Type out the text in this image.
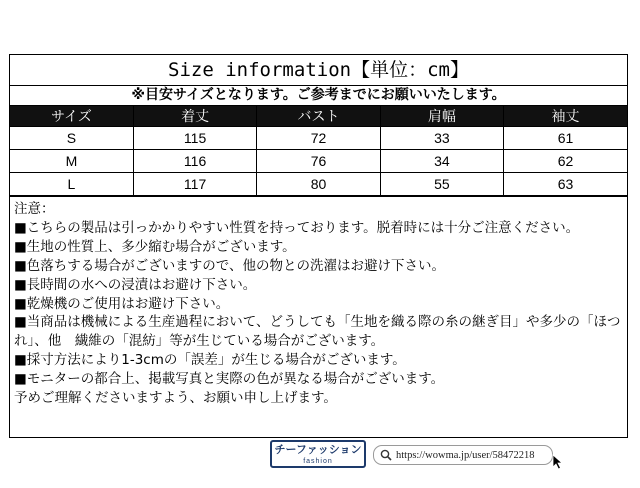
Size information【単位：cm】
※目安サイズとなります。ご参考までにお願いいたします。
サイズ	着丈	バスト	肩幅	袖丈
S	115	72	33	61
M	116	76	34	62
L	117	80	55	63
注意：
■こちらの製品は引っかかりやすい性質を持っております。脱着時には十分ご注意ください。
■生地の性質上、多少縮む場合がございます。
■色落ちする場合がございますので、他の物との洗濯はお避け下さい。
■長時間の水への浸漬はお避け下さい。
■乾燥機のご使用はお避け下さい。
■当商品は機械による生産過程において、どうしても「生地を織る際の糸の継ぎ目」や多少の「ほつれ」、他　繊維の「混紡」等が生じている場合がございます。
■採寸方法により1-3cmの「誤差」が生じる場合がございます。
■モニターの都合上、掲載写真と実際の色が異なる場合がございます。
予めご理解くださいますよう、お願い申し上げます。
チーファッション
fashion
https://wowma.jp/user/58472218
